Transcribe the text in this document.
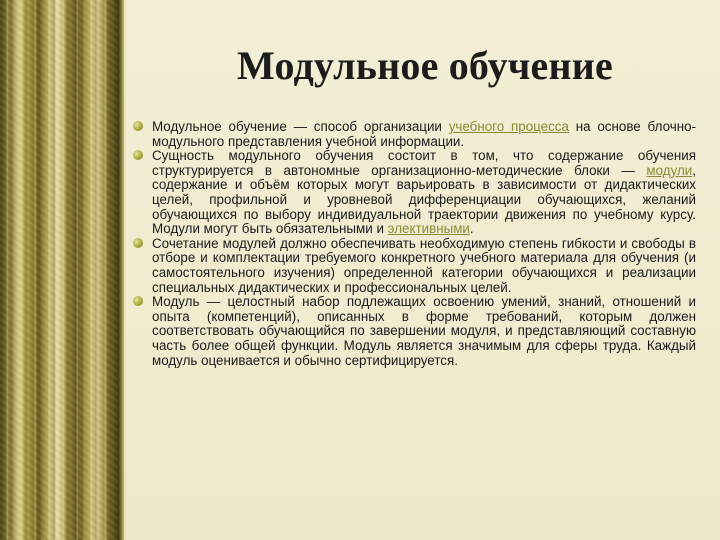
Модульное обучение
Модульное обучение — способ организации учебного процесса на основе блочно-модульного представления учебной информации.
Сущность модульного обучения состоит в том, что содержание обучения структурируется в автономные организационно-методические блоки — модули, содержание и объём которых могут варьировать в зависимости от дидактических целей, профильной и уровневой дифференциации обучающихся, желаний обучающихся по выбору индивидуальной траектории движения по учебному курсу. Модули могут быть обязательными и элективными.
Сочетание модулей должно обеспечивать необходимую степень гибкости и свободы в отборе и комплектации требуемого конкретного учебного материала для обучения (и самостоятельного изучения) определенной категории обучающихся и реализации специальных дидактических и профессиональных целей.
Модуль — целостный набор подлежащих освоению умений, знаний, отношений и опыта (компетенций), описанных в форме требований, которым должен соответствовать обучающийся по завершении модуля, и представляющий составную часть более общей функции. Модуль является значимым для сферы труда. Каждый модуль оценивается и обычно сертифицируется.
